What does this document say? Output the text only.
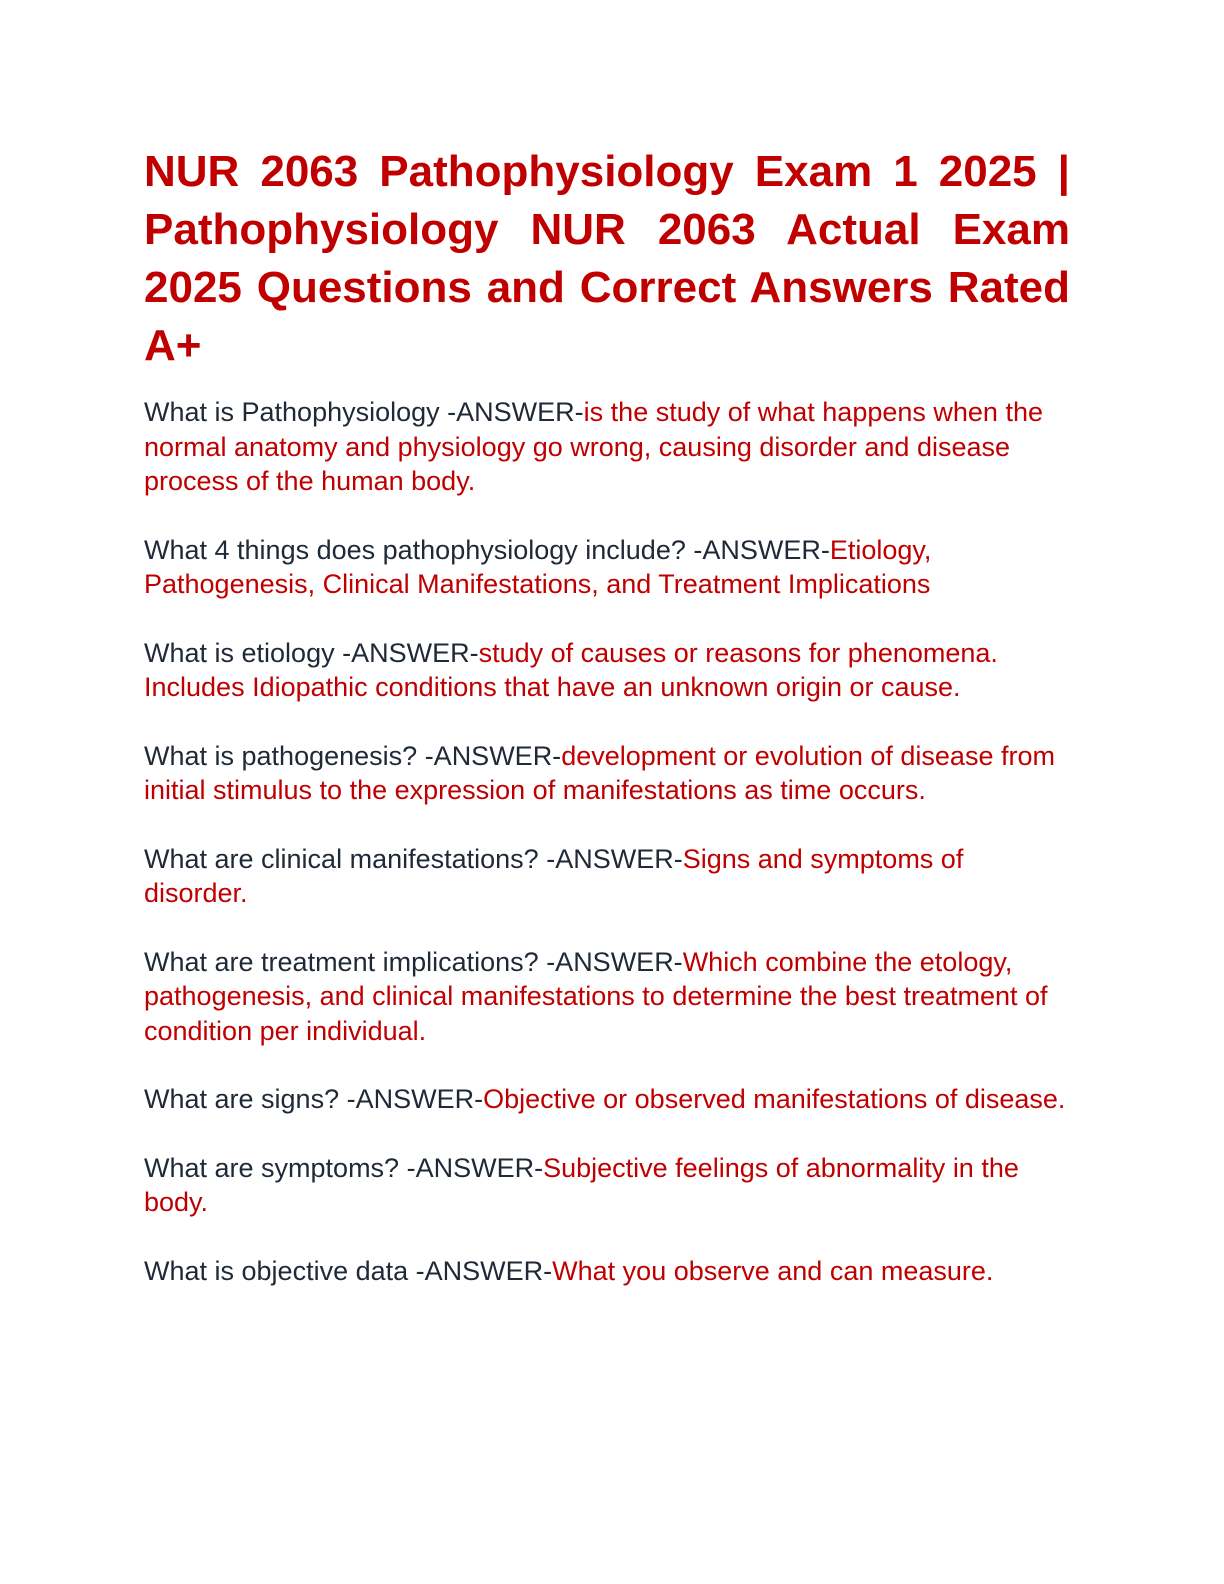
NUR 2063 Pathophysiology Exam 1 2025 | Pathophysiology NUR 2063 Actual Exam 2025 Questions and Correct Answers Rated A+

What is Pathophysiology -ANSWER-is the study of what happens when the normal anatomy and physiology go wrong, causing disorder and disease process of the human body.

What 4 things does pathophysiology include? -ANSWER-Etiology, Pathogenesis, Clinical Manifestations, and Treatment Implications

What is etiology -ANSWER-study of causes or reasons for phenomena. Includes Idiopathic conditions that have an unknown origin or cause.

What is pathogenesis? -ANSWER-development or evolution of disease from initial stimulus to the expression of manifestations as time occurs.

What are clinical manifestations? -ANSWER-Signs and symptoms of disorder.

What are treatment implications? -ANSWER-Which combine the etology, pathogenesis, and clinical manifestations to determine the best treatment of condition per individual.

What are signs? -ANSWER-Objective or observed manifestations of disease.

What are symptoms? -ANSWER-Subjective feelings of abnormality in the body.

What is objective data -ANSWER-What you observe and can measure.
